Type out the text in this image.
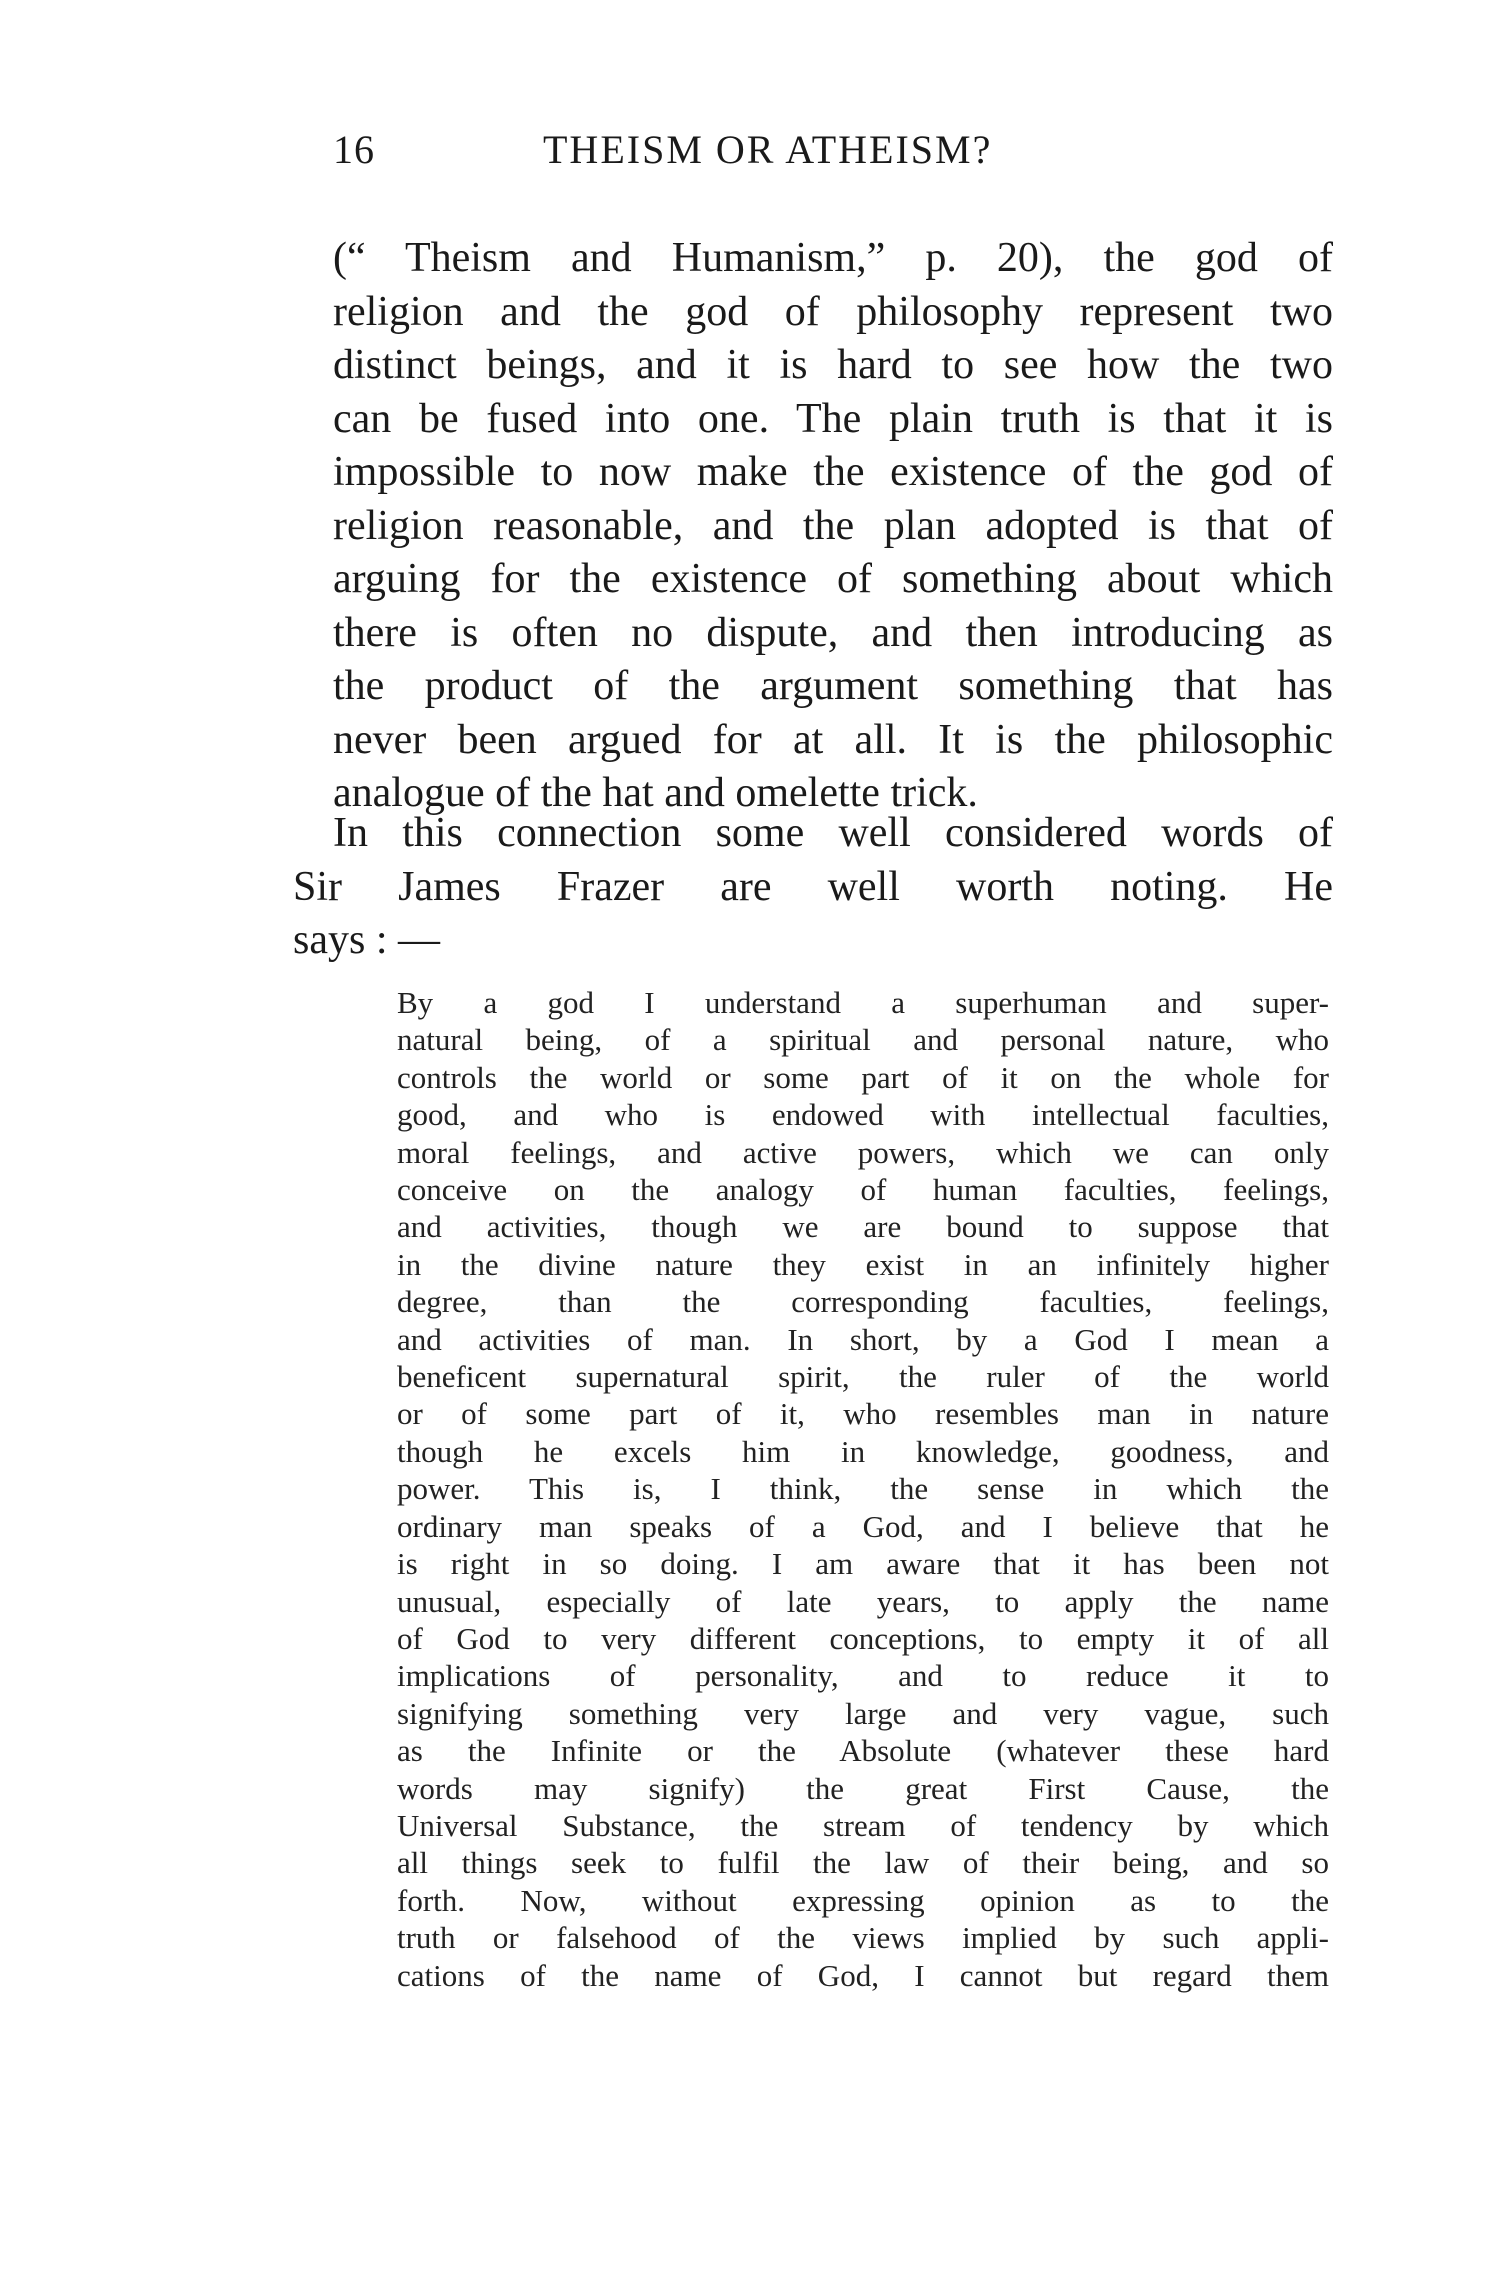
16	THEISM OR ATHEISM?

(“ Theism and Humanism,” p. 20), the god of
religion and the god of philosophy represent two
distinct beings, and it is hard to see how the two
can be fused into one. The plain truth is that it is
impossible to now make the existence of the god of
religion reasonable, and the plan adopted is that of
arguing for the existence of something about which
there is often no dispute, and then introducing as
the product of the argument something that has
never been argued for at all. It is the philosophic
analogue of the hat and omelette trick.

In this connection some well considered words of
Sir James Frazer are well worth noting. He
says : —

By a god I understand a superhuman and super-
natural being, of a spiritual and personal nature, who
controls the world or some part of it on the whole for
good, and who is endowed with intellectual faculties,
moral feelings, and active powers, which we can only
conceive on the analogy of human faculties, feelings,
and activities, though we are bound to suppose that
in the divine nature they exist in an infinitely higher
degree, than the corresponding faculties, feelings,
and activities of man. In short, by a God I mean a
beneficent supernatural spirit, the ruler of the world
or of some part of it, who resembles man in nature
though he excels him in knowledge, goodness, and
power. This is, I think, the sense in which the
ordinary man speaks of a God, and I believe that he
is right in so doing. I am aware that it has been not
unusual, especially of late years, to apply the name
of God to very different conceptions, to empty it of all
implications of personality, and to reduce it to
signifying something very large and very vague, such
as the Infinite or the Absolute (whatever these hard
words may signify) the great First Cause, the
Universal Substance, the stream of tendency by which
all things seek to fulfil the law of their being, and so
forth. Now, without expressing opinion as to the
truth or falsehood of the views implied by such appli-
cations of the name of God, I cannot but regard them
